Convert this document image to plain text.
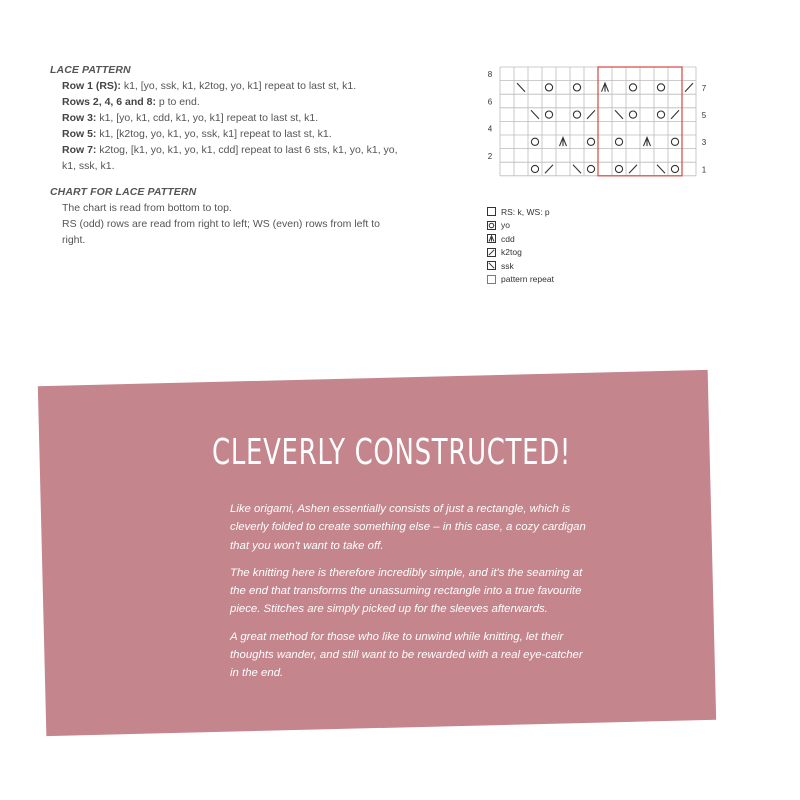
LACE PATTERN
Row 1 (RS): k1, [yo, ssk, k1, k2tog, yo, k1] repeat to last st, k1.
Rows 2, 4, 6 and 8: p to end.
Row 3: k1, [yo, k1, cdd, k1, yo, k1] repeat to last st, k1.
Row 5: k1, [k2tog, yo, k1, yo, ssk, k1] repeat to last st, k1.
Row 7: k2tog, [k1, yo, k1, yo, k1, cdd] repeat to last 6 sts, k1, yo, k1, yo, k1, ssk, k1.
CHART FOR LACE PATTERN
The chart is read from bottom to top.
RS (odd) rows are read from right to left; WS (even) rows from left to right.
8
6
4
2
7
5
3
1
RS: k, WS: p
yo
cdd
k2tog
ssk
pattern repeat
CLEVERLY CONSTRUCTED!

Like origami, Ashen essentially consists of just a rectangle, which is cleverly folded to create something else – in this case, a cozy cardigan that you won't want to take off.

The knitting here is therefore incredibly simple, and it's the seaming at the end that transforms the unassuming rectangle into a true favourite piece. Stitches are simply picked up for the sleeves afterwards.

A great method for those who like to unwind while knitting, let their thoughts wander, and still want to be rewarded with a real eye-catcher in the end.
